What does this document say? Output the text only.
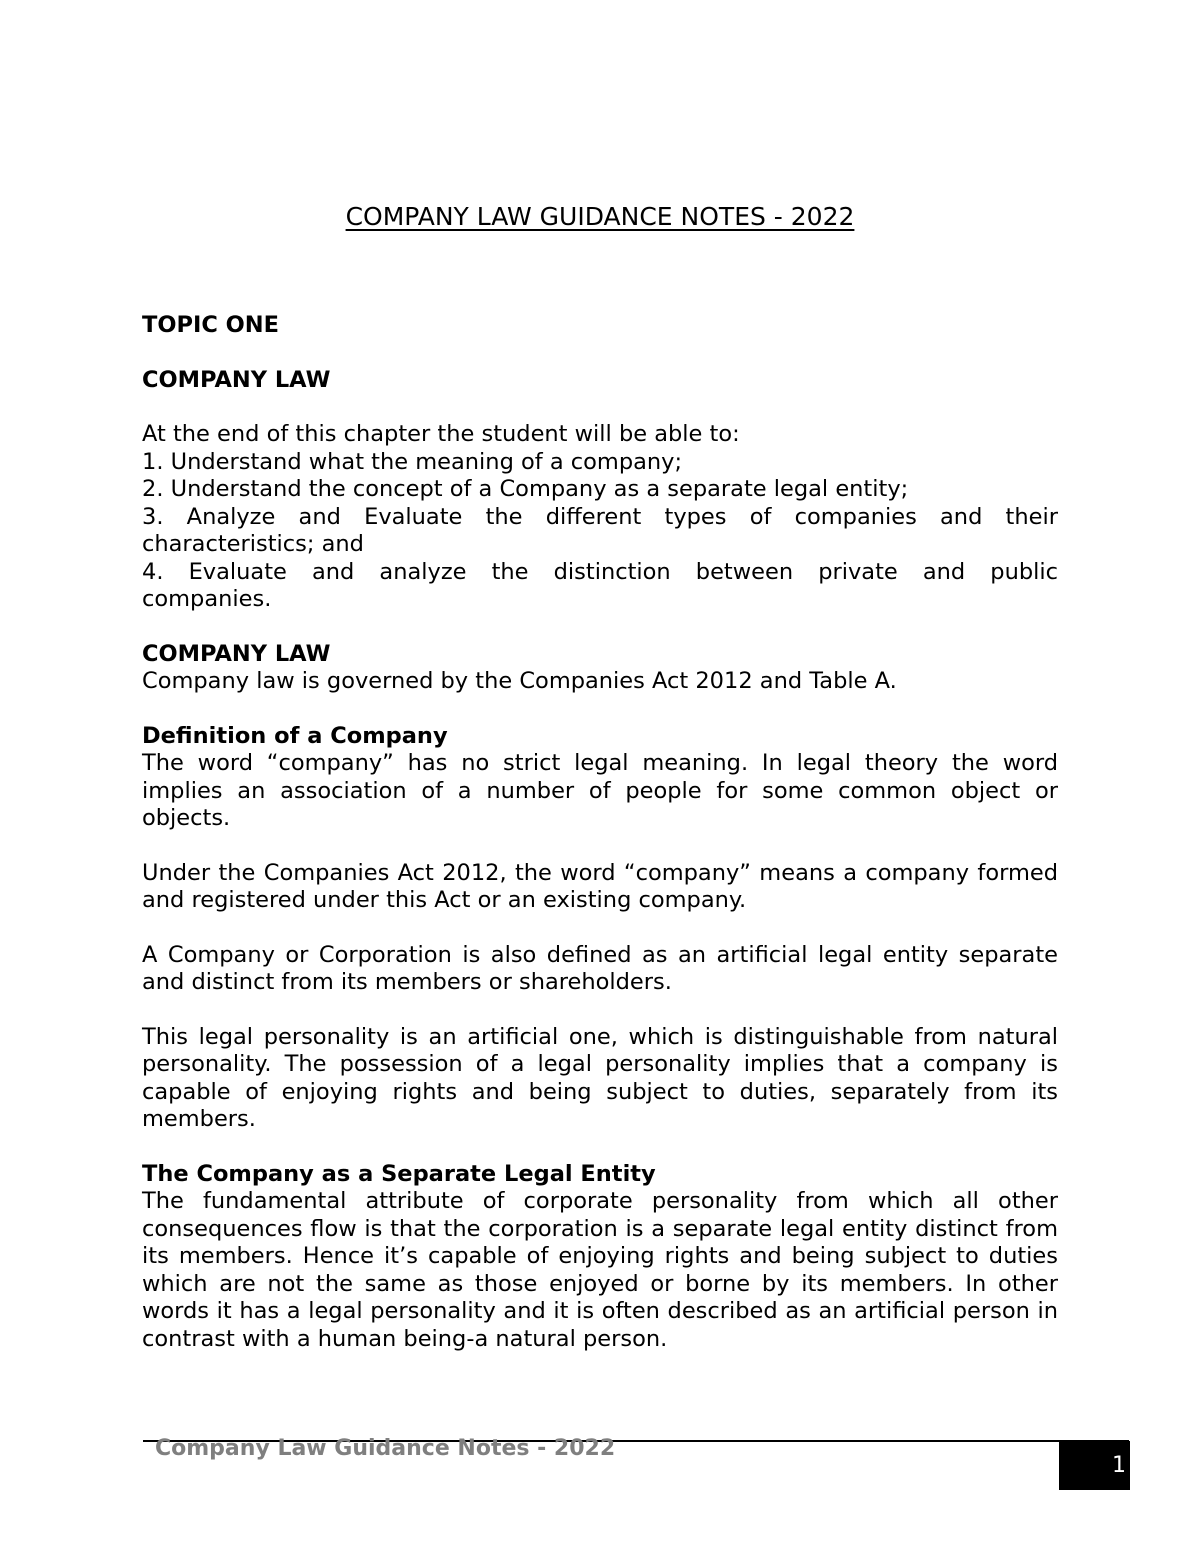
COMPANY LAW GUIDANCE NOTES - 2022

TOPIC ONE

COMPANY LAW

At the end of this chapter the student will be able to:

1. Understand what the meaning of a company;

2. Understand the concept of a Company as a separate legal entity;

3. Analyze and Evaluate the different types of companies and their

characteristics; and

4. Evaluate and analyze the distinction between private and public

companies.

COMPANY LAW

Company law is governed by the Companies Act 2012 and Table A.

Definition of a Company

The word “company” has no strict legal meaning. In legal theory the word implies an association of a number of people for some common object or objects.

Under the Companies Act 2012, the word “company” means a company formed and registered under this Act or an existing company.

A Company or Corporation is also defined as an artificial legal entity separate and distinct from its members or shareholders.

This legal personality is an artificial one, which is distinguishable from natural personality. The possession of a legal personality implies that a company is capable of enjoying rights and being subject to duties, separately from its members.

The Company as a Separate Legal Entity

The fundamental attribute of corporate personality from which all other consequences flow is that the corporation is a separate legal entity distinct from its members. Hence it’s capable of enjoying rights and being subject to duties which are not the same as those enjoyed or borne by its members. In other words it has a legal personality and it is often described as an artificial person in contrast with a human being-a natural person.

Company Law Guidance Notes - 2022
1
